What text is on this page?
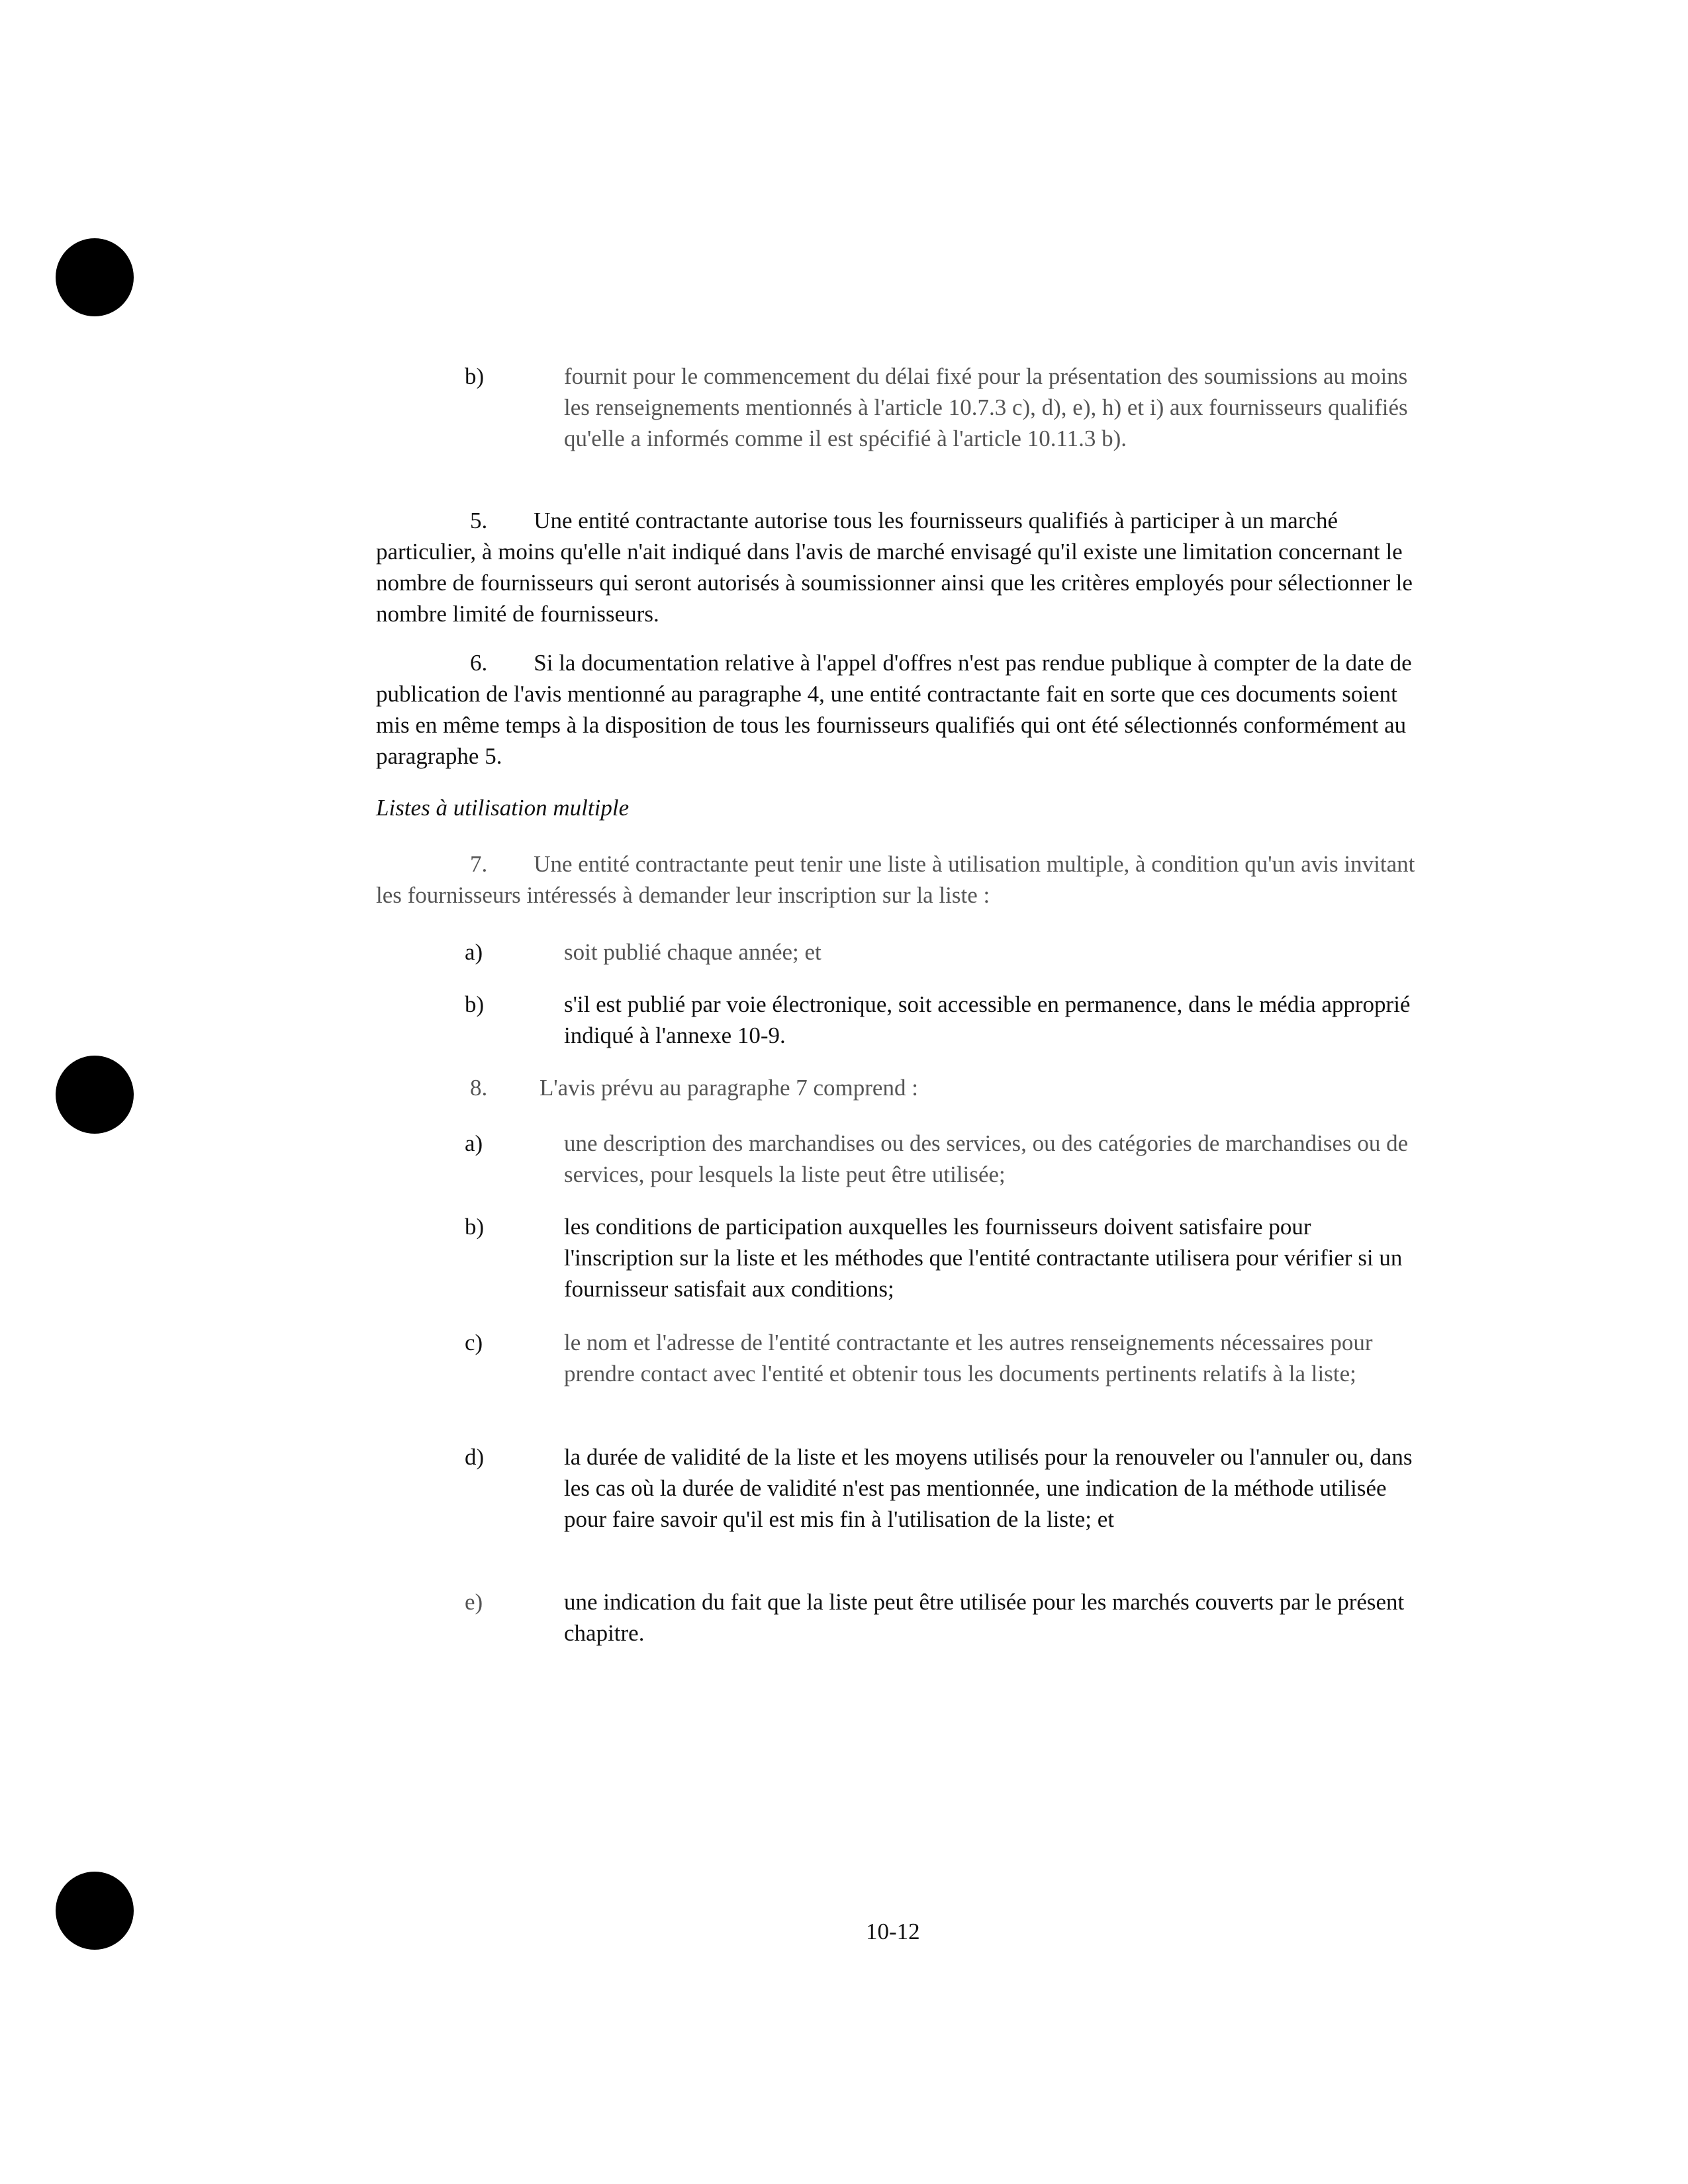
b)	fournit pour le commencement du délai fixé pour la présentation des soumissions au moins les renseignements mentionnés à l'article 10.7.3 c), d), e), h) et i) aux fournisseurs qualifiés qu'elle a informés comme il est spécifié à l'article 10.11.3 b).

5.        Une entité contractante autorise tous les fournisseurs qualifiés à participer à un marché particulier, à moins qu'elle n'ait indiqué dans l'avis de marché envisagé qu'il existe une limitation concernant le nombre de fournisseurs qui seront autorisés à soumissionner ainsi que les critères employés pour sélectionner le nombre limité de fournisseurs.

6.        Si la documentation relative à l'appel d'offres n'est pas rendue publique à compter de la date de publication de l'avis mentionné au paragraphe 4, une entité contractante fait en sorte que ces documents soient mis en même temps à la disposition de tous les fournisseurs qualifiés qui ont été sélectionnés conformément au paragraphe 5.

Listes à utilisation multiple

7.        Une entité contractante peut tenir une liste à utilisation multiple, à condition qu'un avis invitant les fournisseurs intéressés à demander leur inscription sur la liste :

a)	soit publié chaque année; et

b)	s'il est publié par voie électronique, soit accessible en permanence, dans le média approprié indiqué à l'annexe 10-9.

8.         L'avis prévu au paragraphe 7 comprend :

a)	une description des marchandises ou des services, ou des catégories de marchandises ou de services, pour lesquels la liste peut être utilisée;

b)	les conditions de participation auxquelles les fournisseurs doivent satisfaire pour l'inscription sur la liste et les méthodes que l'entité contractante utilisera pour vérifier si un fournisseur satisfait aux conditions;

c)	le nom et l'adresse de l'entité contractante et les autres renseignements nécessaires pour prendre contact avec l'entité et obtenir tous les documents pertinents relatifs à la liste;

d)	la durée de validité de la liste et les moyens utilisés pour la renouveler ou l'annuler ou, dans les cas où la durée de validité n'est pas mentionnée, une indication de la méthode utilisée pour faire savoir qu'il est mis fin à l'utilisation de la liste; et

e)	une indication du fait que la liste peut être utilisée pour les marchés couverts par le présent chapitre.

10-12
